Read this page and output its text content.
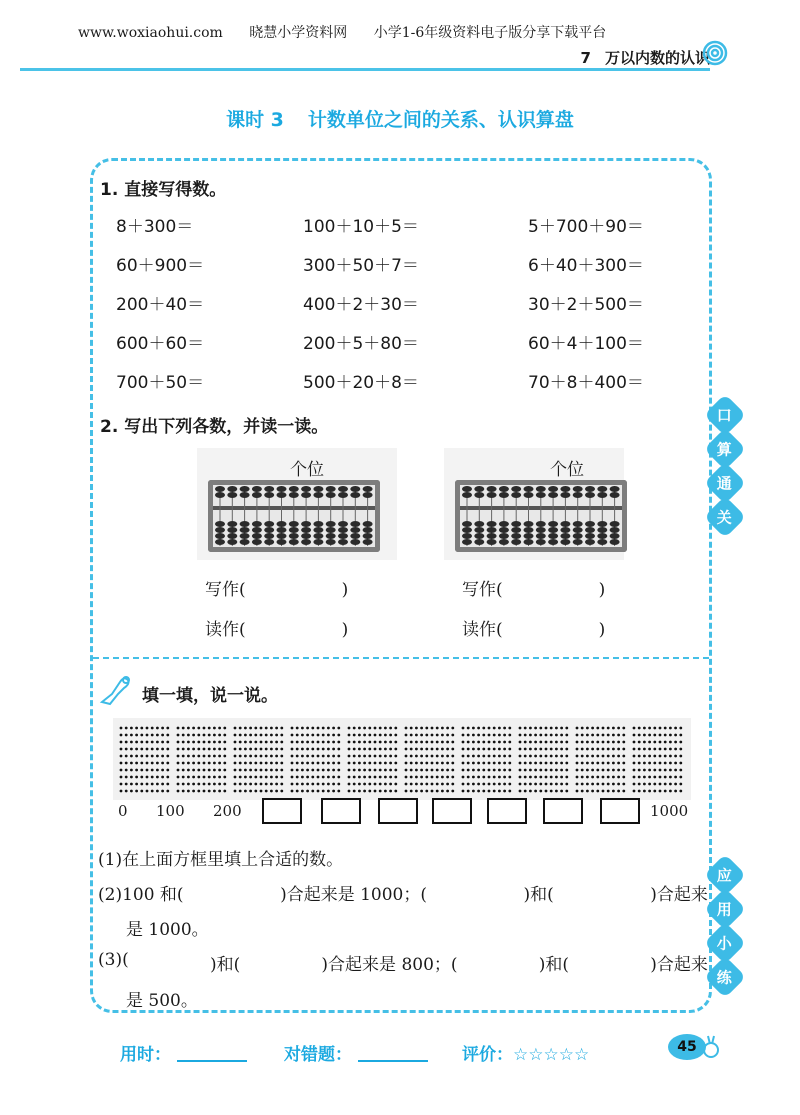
www.woxiaohui.com 晓慧小学资料网 小学1-6年级资料电子版分享下载平台
7 万以内数的认识
课时 3 计数单位之间的关系、认识算盘
1. 直接写得数。
8＋300＝	100＋10＋5＝	5＋700＋90＝
60＋900＝	300＋50＋7＝	6＋40＋300＝
200＋40＝	400＋2＋30＝	30＋2＋500＝
600＋60＝	200＋5＋80＝	60＋4＋100＝
700＋50＝	500＋20＋8＝	70＋8＋400＝
2. 写出下列各数，并读一读。
个位	个位
写作(	)	写作(	)
读作(	)	读作(	)
口
算
通
关
应
用
小
练
填一填，说一说。
0 100 200	1000
(1)在上面方框里填上合适的数。
(2)100 和(	)合起来是 1000；(	)和(	)合起来
是 1000。
(3)(	)和(	)合起来是 800；(	)和(	)合起来
是 500。
用时：	对错题：	评价：☆☆☆☆☆	45
